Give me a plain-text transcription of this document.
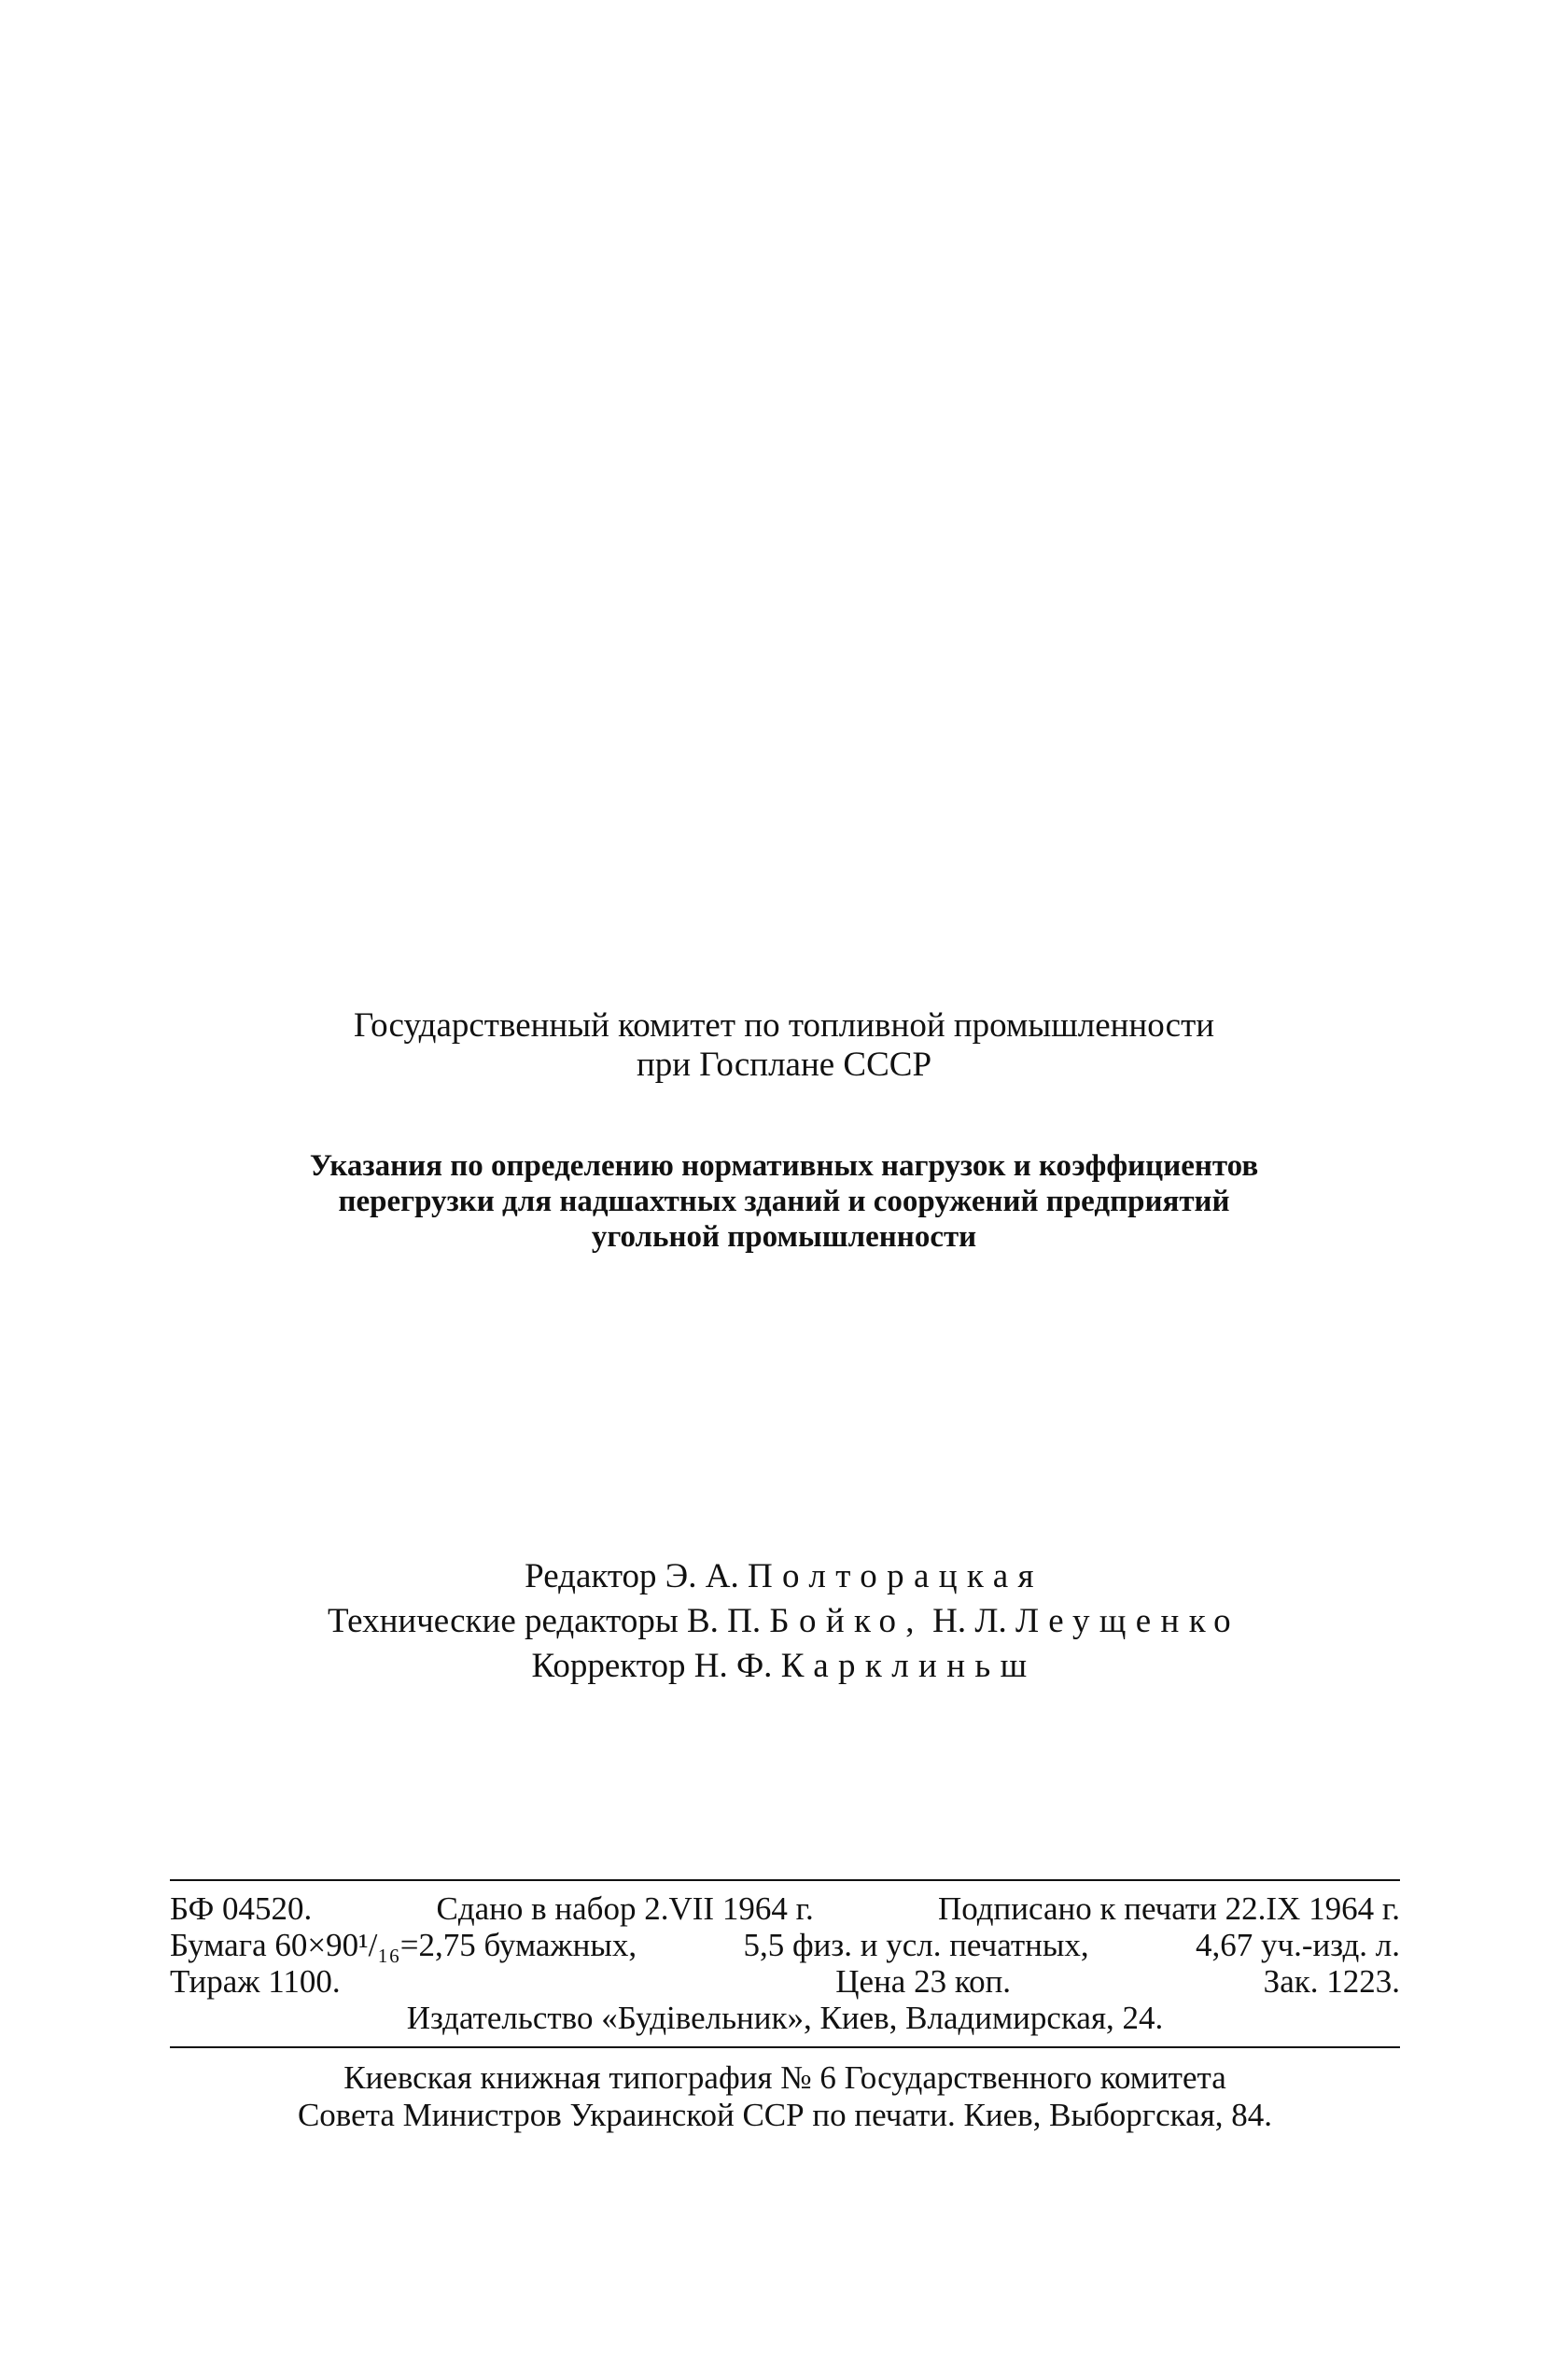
Государственный комитет по топливной промышленности
при Госплане СССР
Указания по определению нормативных нагрузок и коэффициентов
перегрузки для надшахтных зданий и сооружений предприятий
угольной промышленности
Редактор Э. А. Полторацкая
Технические редакторы В. П. Бойко, Н. Л. Леущенко
Корректор Н. Ф. Карклиньш
БФ 04520.	Сдано в набор 2.VII 1964 г.	Подписано к печати 22.IX 1964 г.
Бумага 60×90¹/₁₆=2,75 бумажных,	5,5 физ. и усл. печатных,	4,67 уч.-изд. л.
Тираж 1100.	Цена 23 коп.	Зак. 1223.
Издательство «Будівельник», Киев, Владимирская, 24.
Киевская книжная типография № 6 Государственного комитета
Совета Министров Украинской ССР по печати. Киев, Выборгская, 84.
